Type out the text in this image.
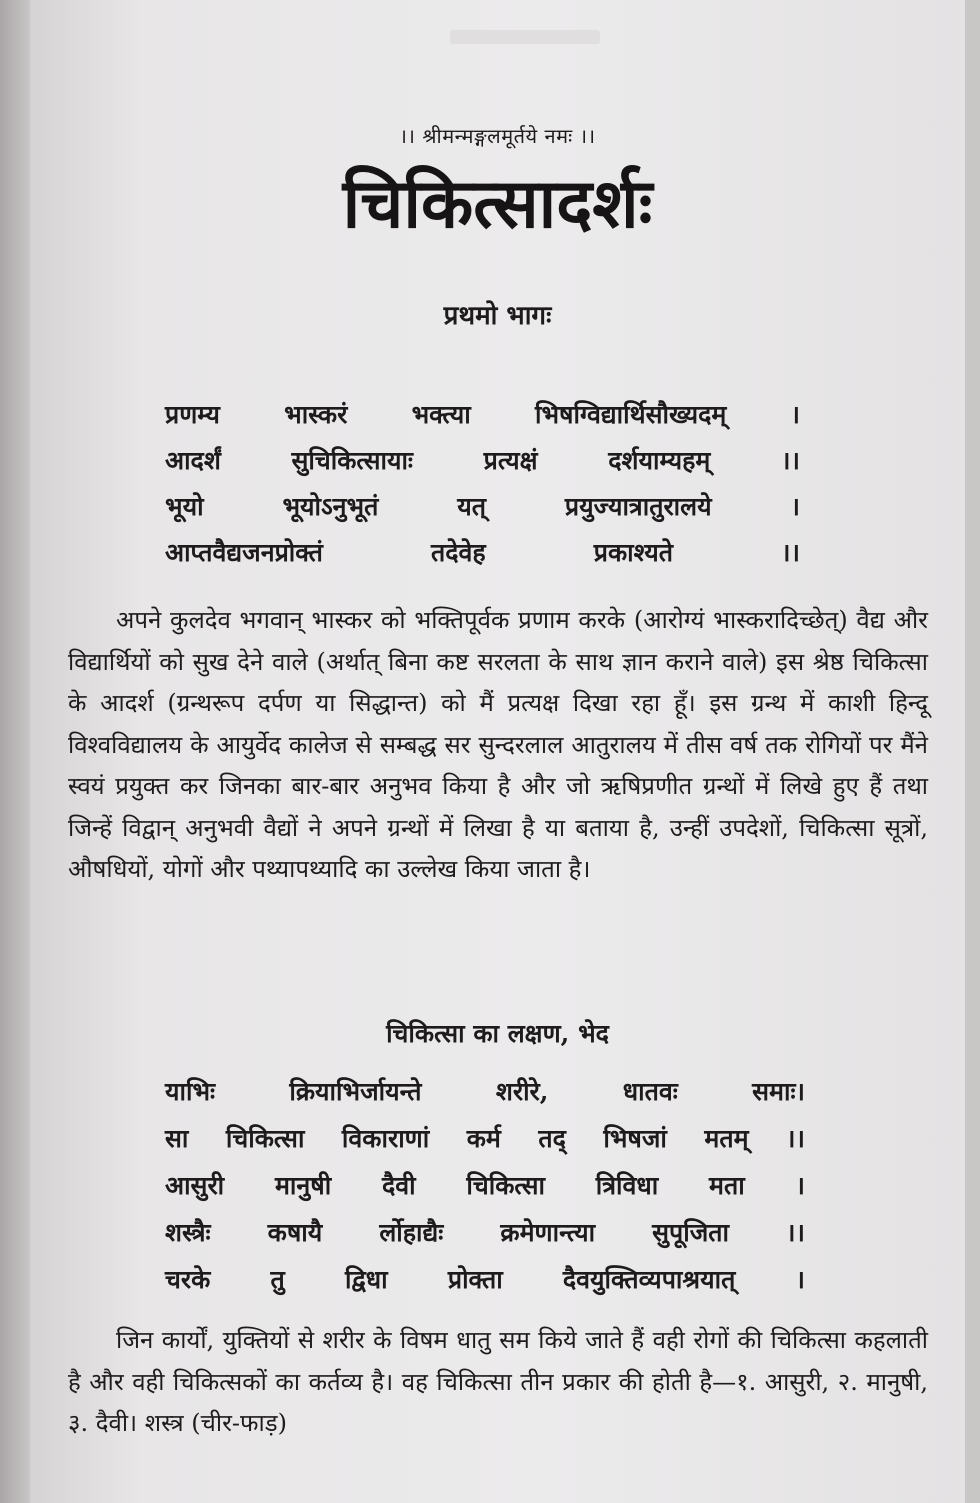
।। श्रीमन्मङ्गलमूर्तये नमः ।।
चिकित्सादर्शः
प्रथमो भागः
प्रणम्य भास्करं भक्त्या भिषग्विद्यार्थिसौख्यदम् ।
आदर्शं सुचिकित्सायाः प्रत्यक्षं दर्शयाम्यहम् ।।
भूयो भूयोऽनुभूतं यत् प्रयुज्यात्रातुरालये ।
आप्तवैद्यजनप्रोक्तं तदेवेह प्रकाश्यते ।।
अपने कुलदेव भगवान् भास्कर को भक्तिपूर्वक प्रणाम करके (आरोग्यं भास्करादिच्छेत्) वैद्य और विद्यार्थियों को सुख देने वाले (अर्थात् बिना कष्ट सरलता के साथ ज्ञान कराने वाले) इस श्रेष्ठ चिकित्सा के आदर्श (ग्रन्थरूप दर्पण या सिद्धान्त) को मैं प्रत्यक्ष दिखा रहा हूँ। इस ग्रन्थ में काशी हिन्दू विश्वविद्यालय के आयुर्वेद कालेज से सम्बद्ध सर सुन्दरलाल आतुरालय में तीस वर्ष तक रोगियों पर मैंने स्वयं प्रयुक्त कर जिनका बार-बार अनुभव किया है और जो ऋषिप्रणीत ग्रन्थों में लिखे हुए हैं तथा जिन्हें विद्वान् अनुभवी वैद्यों ने अपने ग्रन्थों में लिखा है या बताया है, उन्हीं उपदेशों, चिकित्सा सूत्रों, औषधियों, योगों और पथ्यापथ्यादि का उल्लेख किया जाता है।
चिकित्सा का लक्षण, भेद
याभिः क्रियाभिर्जायन्ते शरीरे, धातवः समाः।
सा चिकित्सा विकाराणां कर्म तद् भिषजां मतम् ।।
आसुरी मानुषी दैवी चिकित्सा त्रिविधा मता ।
शस्त्रैः कषायै र्लोहाद्यैः क्रमेणान्त्या सुपूजिता ।।
चरके तु द्विधा प्रोक्ता दैवयुक्तिव्यपाश्रयात् ।
जिन कार्यों, युक्तियों से शरीर के विषम धातु सम किये जाते हैं वही रोगों की चिकित्सा कहलाती है और वही चिकित्सकों का कर्तव्य है। वह चिकित्सा तीन प्रकार की होती है—१. आसुरी, २. मानुषी, ३. दैवी। शस्त्र (चीर-फाड़)
